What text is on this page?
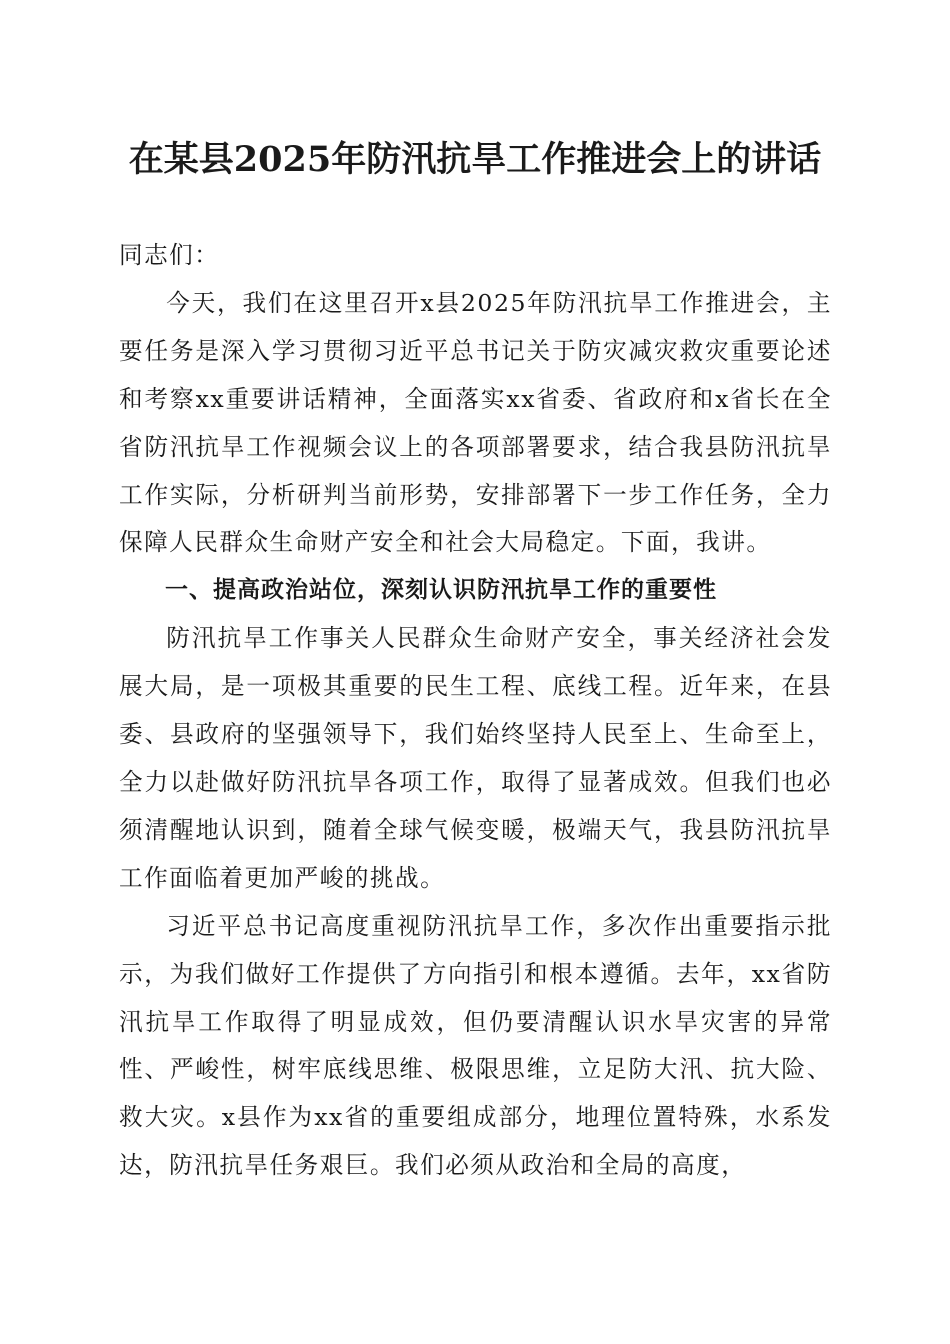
在某县2025年防汛抗旱工作推进会上的讲话

同志们：

今天，我们在这里召开x县2025年防汛抗旱工作推进会，主要任务是深入学习贯彻习近平总书记关于防灾减灾救灾重要论述和考察xx重要讲话精神，全面落实xx省委、省政府和x省长在全省防汛抗旱工作视频会议上的各项部署要求，结合我县防汛抗旱工作实际，分析研判当前形势，安排部署下一步工作任务，全力保障人民群众生命财产安全和社会大局稳定。下面，我讲。

一、提高政治站位，深刻认识防汛抗旱工作的重要性

防汛抗旱工作事关人民群众生命财产安全，事关经济社会发展大局，是一项极其重要的民生工程、底线工程。近年来，在县委、县政府的坚强领导下，我们始终坚持人民至上、生命至上，全力以赴做好防汛抗旱各项工作，取得了显著成效。但我们也必须清醒地认识到，随着全球气候变暖，极端天气，我县防汛抗旱工作面临着更加严峻的挑战。

习近平总书记高度重视防汛抗旱工作，多次作出重要指示批示，为我们做好工作提供了方向指引和根本遵循。去年，xx省防汛抗旱工作取得了明显成效，但仍要清醒认识水旱灾害的异常性、严峻性，树牢底线思维、极限思维，立足防大汛、抗大险、救大灾。x县作为xx省的重要组成部分，地理位置特殊，水系发达，防汛抗旱任务艰巨。我们必须从政治和全局的高度，
